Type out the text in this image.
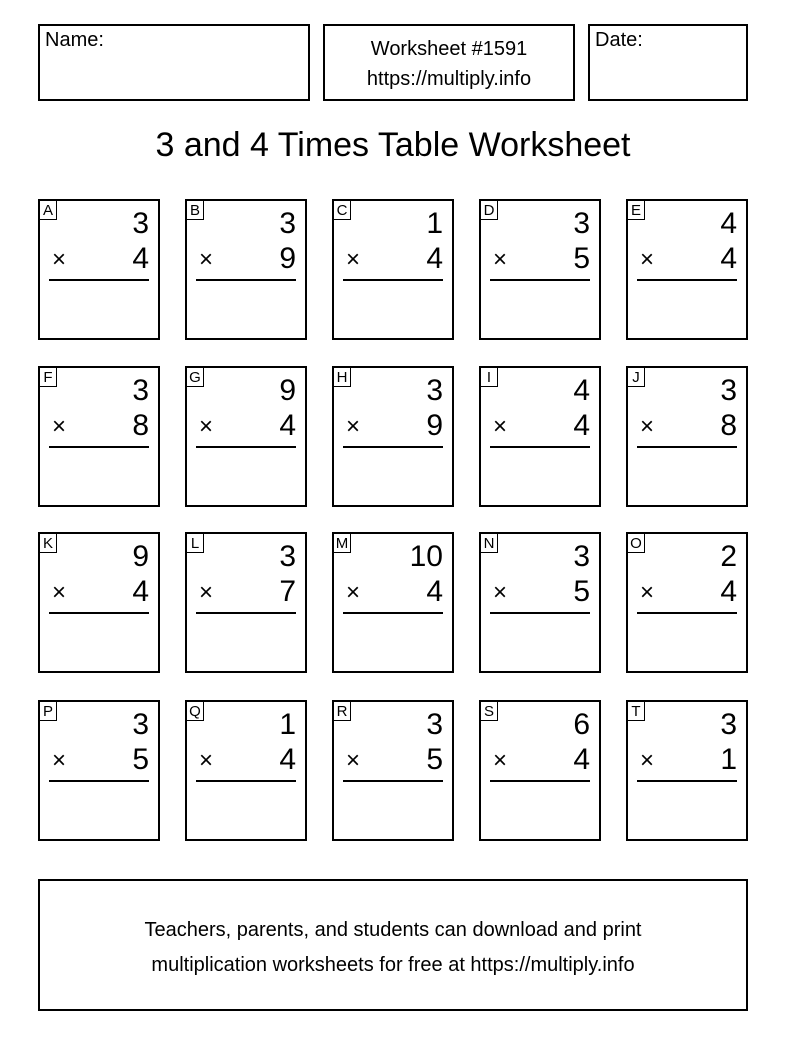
Name:	Worksheet #1591
https://multiply.info
Date:
3 and 4 Times Table Worksheet
A	3
× 4
B	3
× 9
C	1
× 4
D	3
× 5
E	4
× 4
F	3
× 8
G	9
× 4
H	3
× 9
I	4
× 4
J	3
× 8
K	9
× 4
L	3
× 7
M 10
× 4
N	3
× 5
O	2
× 4
P	3
× 5
Q	1
× 4
R	3
× 5
S	6
× 4
T	3
× 1
Teachers, parents, and students can download and print
multiplication worksheets for free at https://multiply.info
